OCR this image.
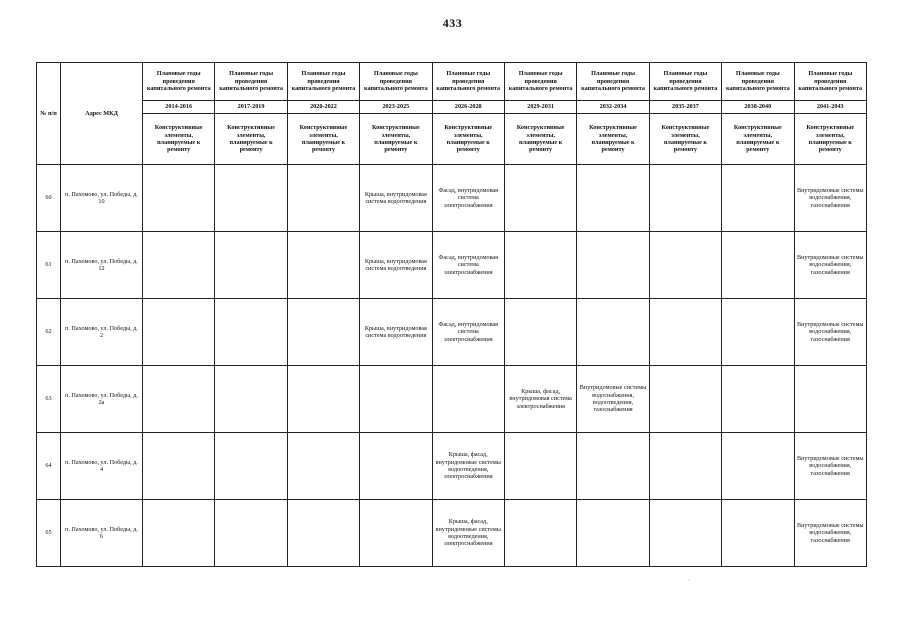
433
№ п/п	Адрес МКД	Плановые годы проведения капитального ремонта	Плановые годы проведения капитального ремонта	Плановые годы проведения капитального ремонта	Плановые годы проведения капитального ремонта	Плановые годы проведения капитального ремонта	Плановые годы проведения капитального ремонта	Плановые годы проведения капитального ремонта	Плановые годы проведения капитального ремонта	Плановые годы проведения капитального ремонта	Плановые годы проведения капитального ремонта
		2014-2016	2017-2019	2020-2022	2023-2025	2026-2028	2029-2031	2032-2034	2035-2037	2038-2040	2041-2043
		Конструктивные элементы, планируемые к ремонту	Конструктивные элементы, планируемые к ремонту	Конструктивные элементы, планируемые к ремонту	Конструктивные элементы, планируемые к ремонту	Конструктивные элементы, планируемые к ремонту	Конструктивные элементы, планируемые к ремонту	Конструктивные элементы, планируемые к ремонту	Конструктивные элементы, планируемые к ремонту	Конструктивные элементы, планируемые к ремонту	Конструктивные элементы, планируемые к ремонту
60	п. Пахомово, ул. Победы, д. 10				Крыша, внутридомовая система водоотведения	Фасад, внутридомовая система электроснабжения					Внутридомовые системы водоснабжения, газоснабжения
61	п. Пахомово, ул. Победы, д. 12				Крыша, внутридомовая система водоотведения	Фасад, внутридомовая система электроснабжения					Внутридомовые системы водоснабжения, газоснабжения
62	п. Пахомово, ул. Победы, д. 2				Крыша, внутридомовая система водоотведения	Фасад, внутридомовая система электроснабжения					Внутридомовые системы водоснабжения, газоснабжения
63	п. Пахомово, ул. Победы, д. 2а						Крыша, фасад, внутридомовая система электроснабжения	Внутридомовые системы водоснабжения, водоотведения, газоснабжения			
64	п. Пахомово, ул. Победы, д. 4					Крыша, фасад, внутридомовые системы водоотведения, электроснабжения					Внутридомовые системы водоснабжения, газоснабжения
65	п. Пахомово, ул. Победы, д. 6					Крыша, фасад, внутридомовые системы водоотведения, электроснабжения					Внутридомовые системы водоснабжения, газоснабжения
·
